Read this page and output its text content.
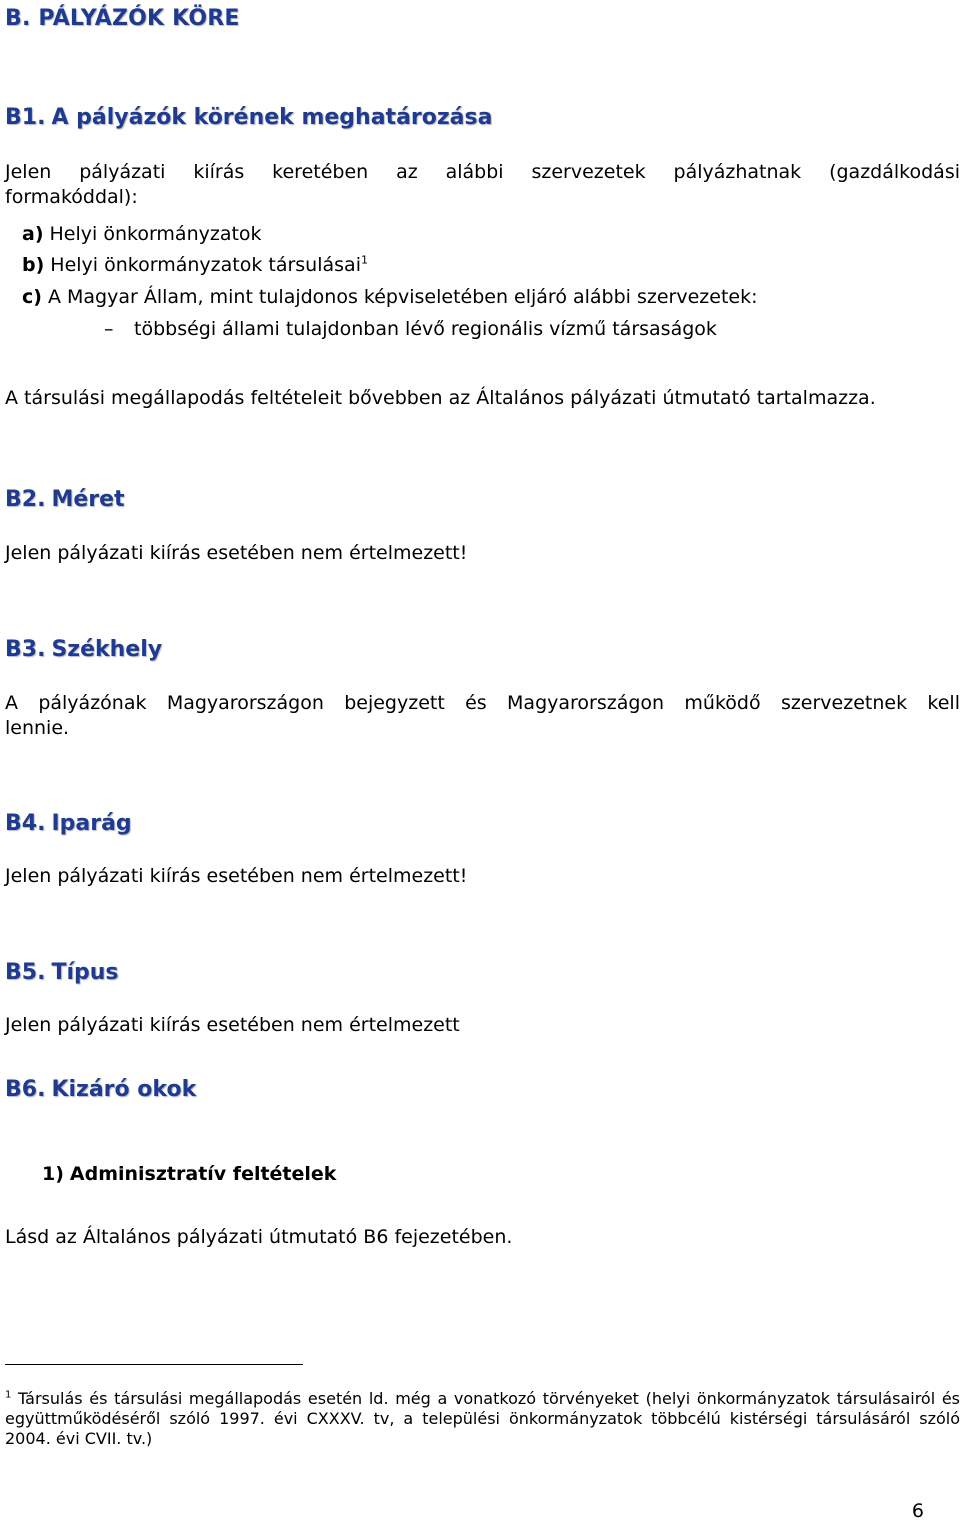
B. PÁLYÁZÓK KÖRE
B1. A pályázók körének meghatározása
Jelen pályázati kiírás keretében az alábbi szervezetek pályázhatnak (gazdálkodási
formakóddal):
a) Helyi önkormányzatok
b) Helyi önkormányzatok társulásai$^1$
c) A Magyar Állam, mint tulajdonos képviseletében eljáró alábbi szervezetek:
– többségi állami tulajdonban lévő regionális vízmű társaságok
A társulási megállapodás feltételeit bővebben az Általános pályázati útmutató tartalmazza.
B2. Méret
Jelen pályázati kiírás esetében nem értelmezett!
B3. Székhely
A pályázónak Magyarországon bejegyzett és Magyarországon működő szervezetnek kell
lennie.
B4. Iparág
Jelen pályázati kiírás esetében nem értelmezett!
B5. Típus
Jelen pályázati kiírás esetében nem értelmezett
B6. Kizáró okok
1) Adminisztratív feltételek
Lásd az Általános pályázati útmutató B6 fejezetében.
$^1$ Társulás és társulási megállapodás esetén ld. még a vonatkozó törvényeket (helyi önkormányzatok társulásairól és együttműködéséről szóló 1997. évi CXXXV. tv, a települési önkormányzatok többcélú kistérségi társulásáról szóló 2004. évi CVII. tv.)
6
